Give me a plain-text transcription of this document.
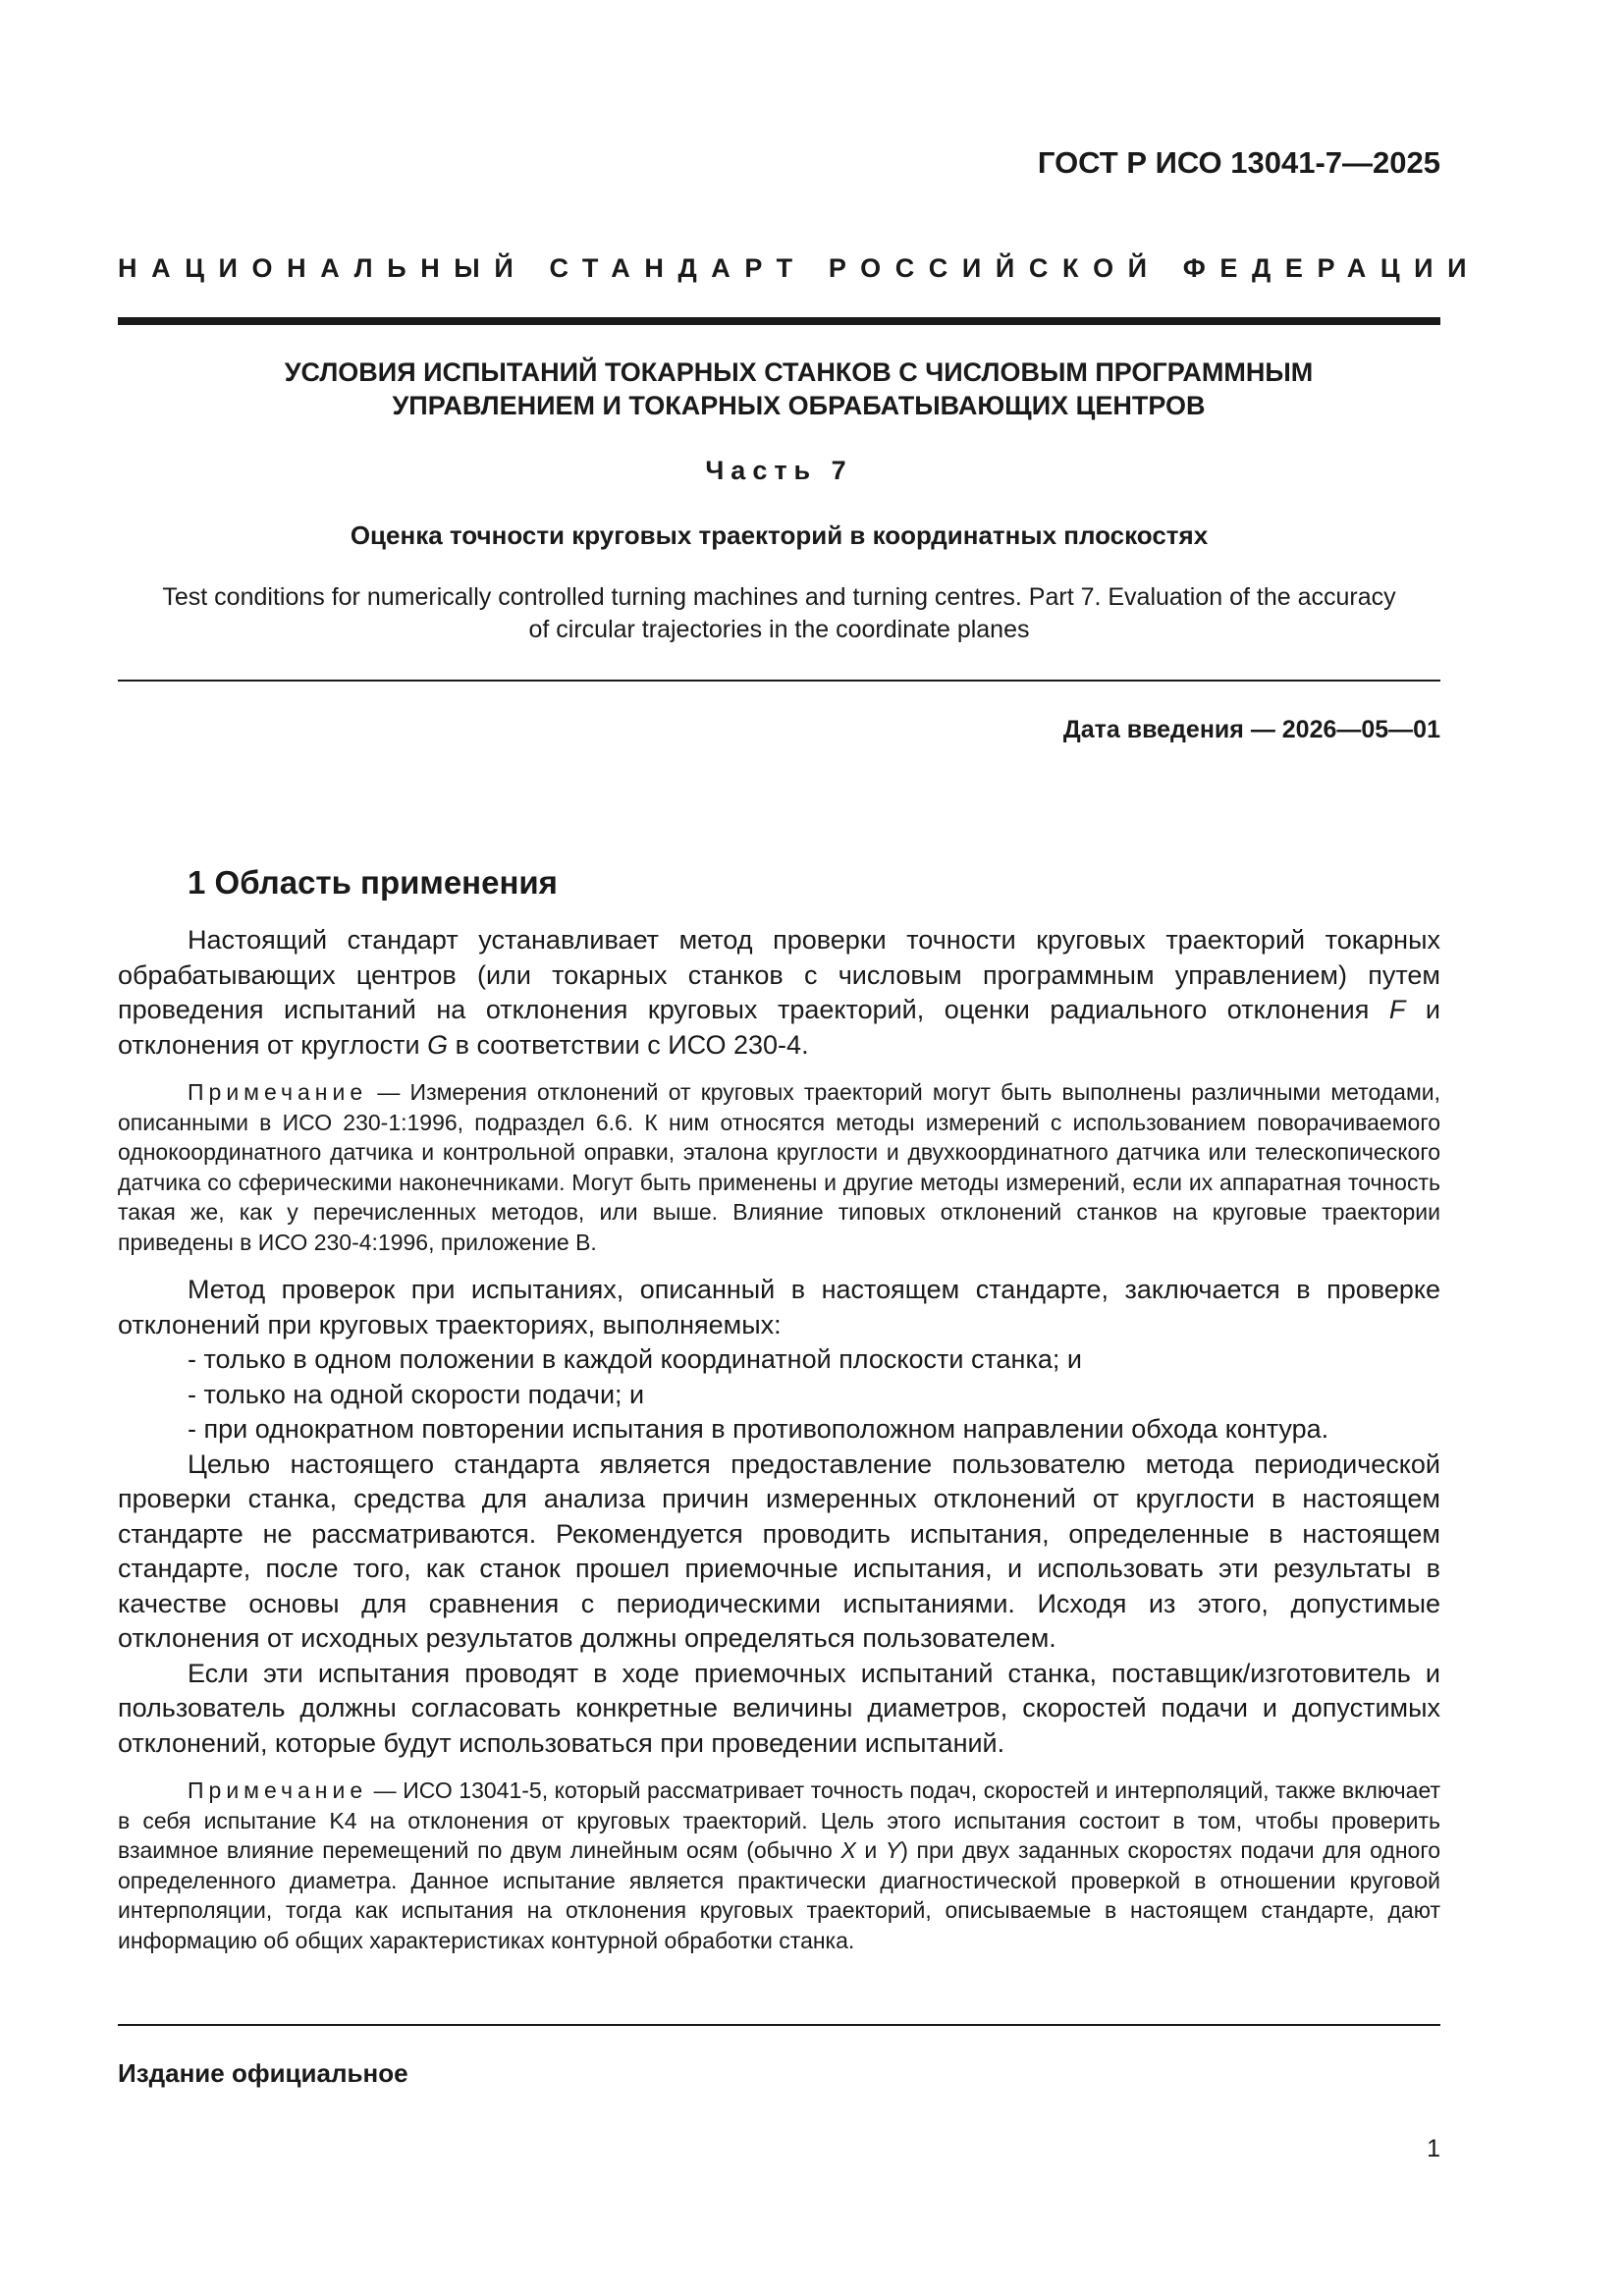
ГОСТ Р ИСО 13041-7—2025
НАЦИОНАЛЬНЫЙ СТАНДАРТ РОССИЙСКОЙ ФЕДЕРАЦИИ
УСЛОВИЯ ИСПЫТАНИЙ ТОКАРНЫХ СТАНКОВ С ЧИСЛОВЫМ ПРОГРАММНЫМ
УПРАВЛЕНИЕМ И ТОКАРНЫХ ОБРАБАТЫВАЮЩИХ ЦЕНТРОВ
Часть 7
Оценка точности круговых траекторий в координатных плоскостях
Test conditions for numerically controlled turning machines and turning centres. Part 7. Evaluation of the accuracy
of circular trajectories in the coordinate planes
Дата введения — 2026—05—01
1 Область применения

Настоящий стандарт устанавливает метод проверки точности круговых траекторий токарных обрабатывающих центров (или токарных станков с числовым программным управлением) путем проведения испытаний на отклонения круговых траекторий, оценки радиального отклонения F и отклонения от круглости G в соответствии с ИСО 230-4.

Примечание — Измерения отклонений от круговых траекторий могут быть выполнены различными методами, описанными в ИСО 230-1:1996, подраздел 6.6. К ним относятся методы измерений с использованием поворачиваемого однокоординатного датчика и контрольной оправки, эталона круглости и двухкоординатного датчика или телескопического датчика со сферическими наконечниками. Могут быть применены и другие методы измерений, если их аппаратная точность такая же, как у перечисленных методов, или выше. Влияние типовых отклонений станков на круговые траектории приведены в ИСО 230-4:1996, приложение В.

Метод проверок при испытаниях, описанный в настоящем стандарте, заключается в проверке отклонений при круговых траекториях, выполняемых:

- только в одном положении в каждой координатной плоскости станка; и

- только на одной скорости подачи; и

- при однократном повторении испытания в противоположном направлении обхода контура.

Целью настоящего стандарта является предоставление пользователю метода периодической проверки станка, средства для анализа причин измеренных отклонений от круглости в настоящем стандарте не рассматриваются. Рекомендуется проводить испытания, определенные в настоящем стандарте, после того, как станок прошел приемочные испытания, и использовать эти результаты в качестве основы для сравнения с периодическими испытаниями. Исходя из этого, допустимые отклонения от исходных результатов должны определяться пользователем.

Если эти испытания проводят в ходе приемочных испытаний станка, поставщик/изготовитель и пользователь должны согласовать конкретные величины диаметров, скоростей подачи и допустимых отклонений, которые будут использоваться при проведении испытаний.

Примечание — ИСО 13041-5, который рассматривает точность подач, скоростей и интерполяций, также включает в себя испытание K4 на отклонения от круговых траекторий. Цель этого испытания состоит в том, чтобы проверить взаимное влияние перемещений по двум линейным осям (обычно X и Y) при двух заданных скоростях подачи для одного определенного диаметра. Данное испытание является практически диагностической проверкой в отношении круговой интерполяции, тогда как испытания на отклонения круговых траекторий, описываемые в настоящем стандарте, дают информацию об общих характеристиках контурной обработки станка.

Издание официальное
1
